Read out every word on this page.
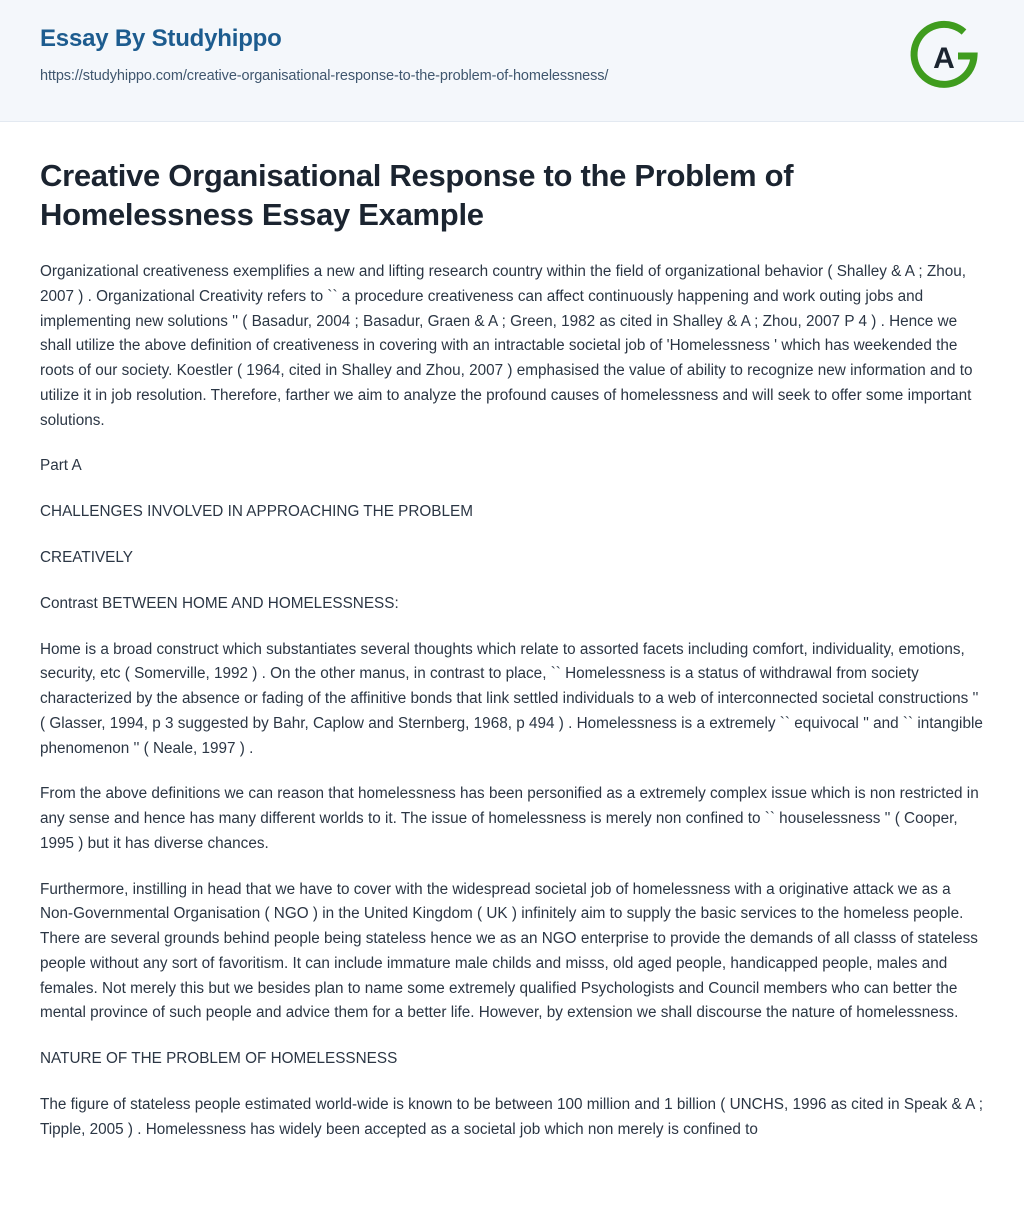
Essay By Studyhippo
https://studyhippo.com/creative-organisational-response-to-the-problem-of-homelessness/
A
Creative Organisational Response to the Problem of Homelessness Essay Example

Organizational creativeness exemplifies a new and lifting research country within the field of organizational behavior ( Shalley & A ; Zhou, 2007 ) . Organizational Creativity refers to `` a procedure creativeness can affect continuously happening and work outing jobs and implementing new solutions '' ( Basadur, 2004 ; Basadur, Graen & A ; Green, 1982 as cited in Shalley & A ; Zhou, 2007 P 4 ) . Hence we shall utilize the above definition of creativeness in covering with an intractable societal job of 'Homelessness ' which has weekended the roots of our society. Koestler ( 1964, cited in Shalley and Zhou, 2007 ) emphasised the value of ability to recognize new information and to utilize it in job resolution. Therefore, farther we aim to analyze the profound causes of homelessness and will seek to offer some important solutions.

Part A

CHALLENGES INVOLVED IN APPROACHING THE PROBLEM

CREATIVELY

Contrast BETWEEN HOME AND HOMELESSNESS:

Home is a broad construct which substantiates several thoughts which relate to assorted facets including comfort, individuality, emotions, security, etc ( Somerville, 1992 ) . On the other manus, in contrast to place, `` Homelessness is a status of withdrawal from society characterized by the absence or fading of the affinitive bonds that link settled individuals to a web of interconnected societal constructions '' ( Glasser, 1994, p 3 suggested by Bahr, Caplow and Sternberg, 1968, p 494 ) . Homelessness is a extremely `` equivocal '' and `` intangible phenomenon '' ( Neale, 1997 ) .

From the above definitions we can reason that homelessness has been personified as a extremely complex issue which is non restricted in any sense and hence has many different worlds to it. The issue of homelessness is merely non confined to `` houselessness '' ( Cooper, 1995 ) but it has diverse chances.

Furthermore, instilling in head that we have to cover with the widespread societal job of homelessness with a originative attack we as a Non-Governmental Organisation ( NGO ) in the United Kingdom ( UK ) infinitely aim to supply the basic services to the homeless people. There are several grounds behind people being stateless hence we as an NGO enterprise to provide the demands of all classs of stateless people without any sort of favoritism. It can include immature male childs and misss, old aged people, handicapped people, males and females. Not merely this but we besides plan to name some extremely qualified Psychologists and Council members who can better the mental province of such people and advice them for a better life. However, by extension we shall discourse the nature of homelessness.

NATURE OF THE PROBLEM OF HOMELESSNESS

The figure of stateless people estimated world-wide is known to be between 100 million and 1 billion ( UNCHS, 1996 as cited in Speak & A ; Tipple, 2005 ) . Homelessness has widely been accepted as a societal job which non merely is confined to
